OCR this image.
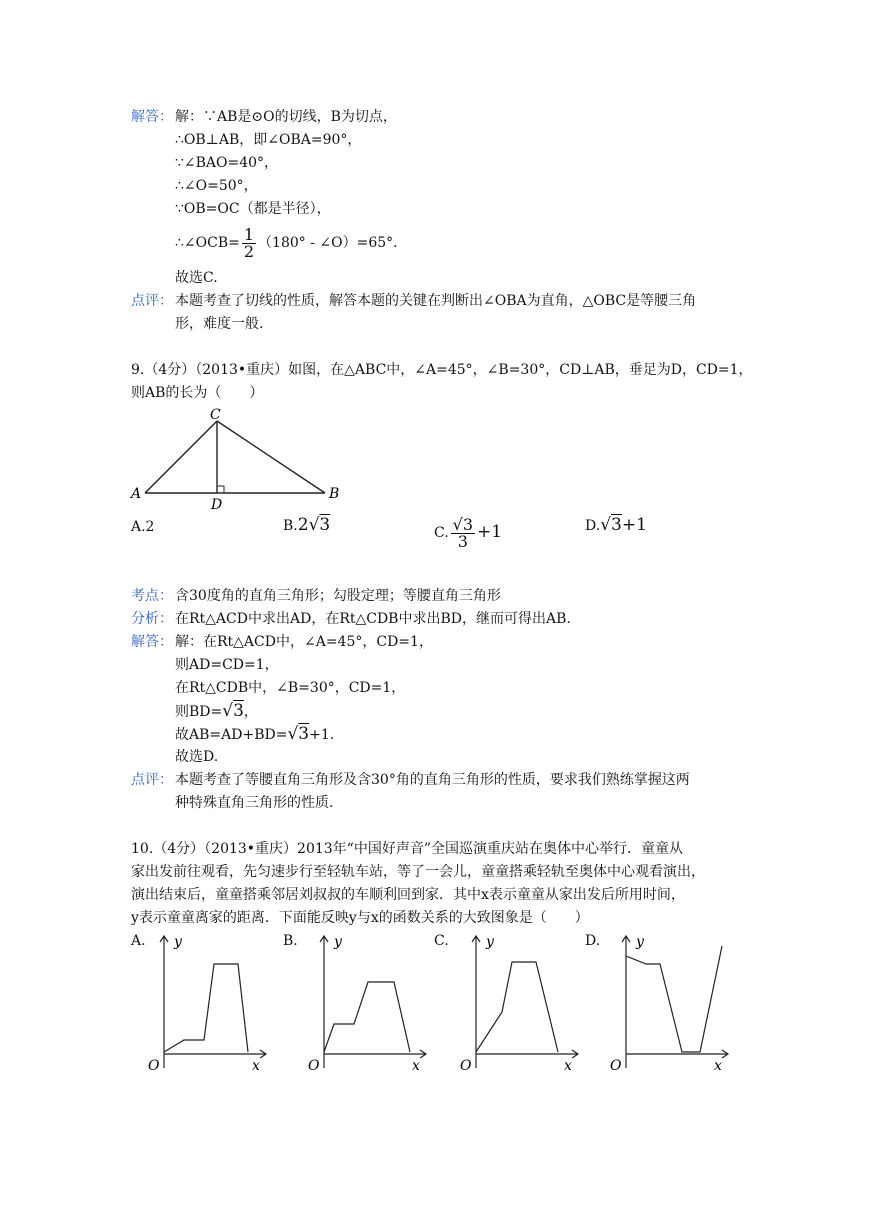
解答： 解：∵AB是⊙O的切线，B为切点，
∴OB⊥AB，即∠OBA=90°，
∵∠BAO=40°，
∴∠O=50°，
∵OB=OC（都是半径），
∴∠OCB= $\frac{1}{2} (180^\circ$ - ∠O）=65°．
故选C.
点评： 本题考查了切线的性质，解答本题的关键在判断出∠OBA为直角，△OBC是等腰三角
形，难度一般.
9.（4分）（2013•重庆）如图，在△ABC中，∠A=45°，∠B=30°，CD⊥AB，垂足为D，CD=1，
则AB的长为（　　）
C
A	B
D
A.2	B.2√3	C. $\frac{√3}{3} +1$	D.√3+1
考点： 含30度角的直角三角形；勾股定理；等腰直角三角形
分析： 在Rt△ACD中求出AD，在Rt△CDB中求出BD，继而可得出AB.
解答： 解：在Rt△ACD中，∠A=45°，CD=1，
则AD=CD=1，
在Rt△CDB中，∠B=30°，CD=1，
则BD=√3，
故AB=AD+BD=√3+1.
故选D.
点评： 本题考查了等腰直角三角形及含30°角的直角三角形的性质，要求我们熟练掌握这两
种特殊直角三角形的性质.
10.（4分）（2013•重庆）2013年“中国好声音”全国巡演重庆站在奥体中心举行．童童从
家出发前往观看，先匀速步行至轻轨车站，等了一会儿，童童搭乘轻轨至奥体中心观看演出，
演出结束后，童童搭乘邻居刘叔叔的车顺利回到家．其中x表示童童从家出发后所用时间，
y表示童童离家的距离．下面能反映y与x的函数关系的大致图象是（　　）
A. y
x
O
B.	y
x
O
C.	y
x
O
D.	y
x
O
